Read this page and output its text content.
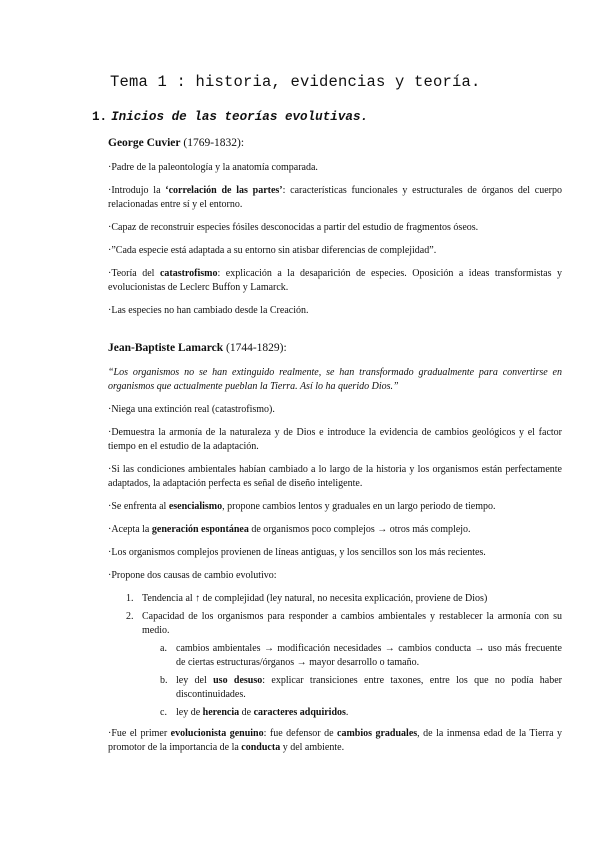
Tema 1 : historia, evidencias y teoría.
1. Inicios de las teorías evolutivas.
George Cuvier (1769-1832):

·Padre de la paleontología y la anatomía comparada.

·Introdujo la ‘correlación de las partes’: características funcionales y estructurales de órganos del cuerpo relacionadas entre sí y el entorno.

·Capaz de reconstruir especies fósiles desconocidas a partir del estudio de fragmentos óseos.

·”Cada especie está adaptada a su entorno sin atisbar diferencias de complejidad”.

·Teoría del catastrofismo: explicación a la desaparición de especies. Oposición a ideas transformistas y evolucionistas de Leclerc Buffon y Lamarck.

·Las especies no han cambiado desde la Creación.

Jean-Baptiste Lamarck (1744-1829):

“Los organismos no se han extinguido realmente, se han transformado gradualmente para convertirse en organismos que actualmente pueblan la Tierra. Así lo ha querido Dios.”

·Niega una extinción real (catastrofismo).

·Demuestra la armonía de la naturaleza y de Dios e introduce la evidencia de cambios geológicos y el factor tiempo en el estudio de la adaptación.

·Si las condiciones ambientales habían cambiado a lo largo de la historia y los organismos están perfectamente adaptados, la adaptación perfecta es señal de diseño inteligente.

·Se enfrenta al esencialismo, propone cambios lentos y graduales en un largo periodo de tiempo.

·Acepta la generación espontánea de organismos poco complejos → otros más complejo.

·Los organismos complejos provienen de líneas antiguas, y los sencillos son los más recientes.

·Propone dos causas de cambio evolutivo:

1. Tendencia al ↑ de complejidad (ley natural, no necesita explicación, proviene de Dios)
2. Capacidad de los organismos para responder a cambios ambientales y restablecer la armonía con su medio.
a. cambios ambientales → modificación necesidades → cambios conducta → uso más frecuente de ciertas estructuras/órganos → mayor desarrollo o tamaño.
b. ley del uso desuso: explicar transiciones entre taxones, entre los que no podía haber discontinuidades.
c. ley de herencia de caracteres adquiridos.

·Fue el primer evolucionista genuino: fue defensor de cambios graduales, de la inmensa edad de la Tierra y promotor de la importancia de la conducta y del ambiente.
